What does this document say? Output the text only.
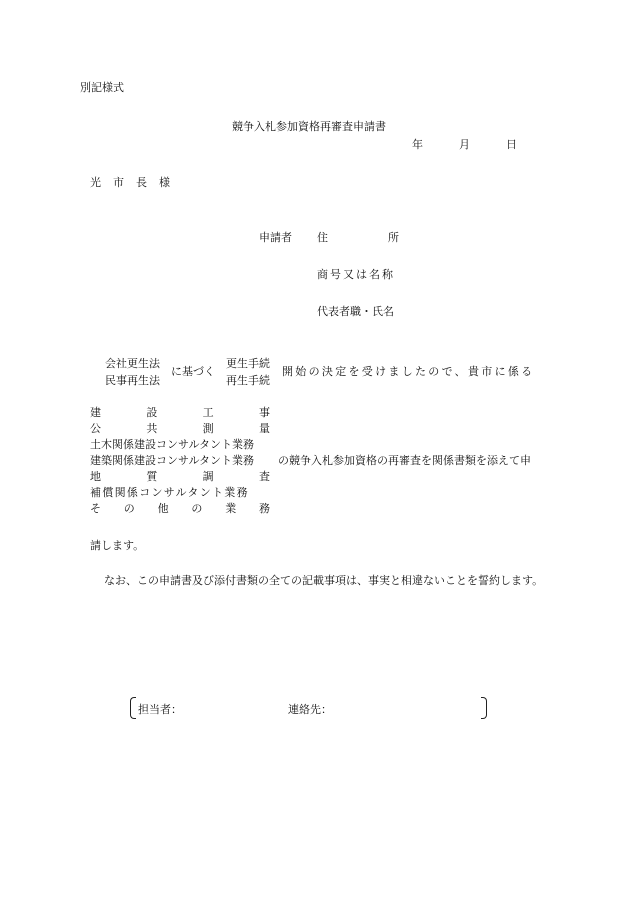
別記様式
競争入札参加資格再審査申請書
年	月	日
光 市 長 様
申請者 住	所
商号又は名称
代表者職・氏名
会社更生法
民事再生法
に基づく
更生手続
再生手続
開始の決定を受けましたので、貴市に係る
建	設	工	事
公	共	測	量
土木関係建設コンサルタント業務
建築関係建設コンサルタント業務
地	質	調	査
補償関係コンサルタント業務
そ の 他 の 業 務
の競争入札参加資格の再審査を関係書類を添えて申
請します。
なお、この申請書及び添付書類の全ての記載事項は、事実と相違ないことを誓約します。
担当者：	連絡先：
